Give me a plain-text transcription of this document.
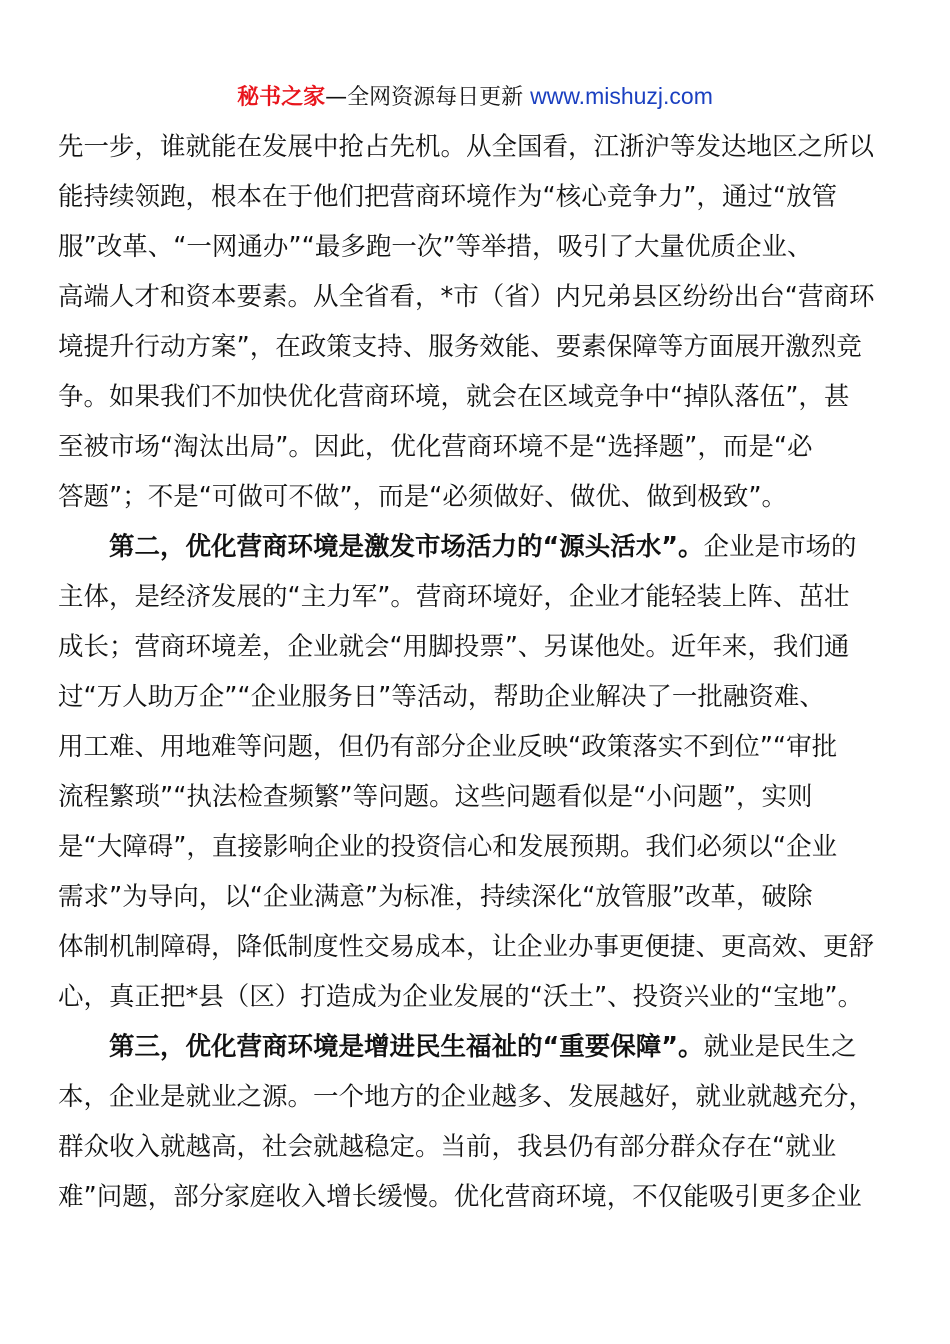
秘书之家—全网资源每日更新 www.mishuzj.com
先一步，谁就能在发展中抢占先机。从全国看，江浙沪等发达地区之所以
能持续领跑，根本在于他们把营商环境作为“核心竞争力”，通过“放管
服”改革、“一网通办”“最多跑一次”等举措，吸引了大量优质企业、
高端人才和资本要素。从全省看，*市（省）内兄弟县区纷纷出台“营商环
境提升行动方案”，在政策支持、服务效能、要素保障等方面展开激烈竞
争。如果我们不加快优化营商环境，就会在区域竞争中“掉队落伍”，甚
至被市场“淘汰出局”。因此，优化营商环境不是“选择题”，而是“必
答题”；不是“可做可不做”，而是“必须做好、做优、做到极致”。
第二，优化营商环境是激发市场活力的“源头活水”。企业是市场的
主体，是经济发展的“主力军”。营商环境好，企业才能轻装上阵、茁壮
成长；营商环境差，企业就会“用脚投票”、另谋他处。近年来，我们通
过“万人助万企”“企业服务日”等活动，帮助企业解决了一批融资难、
用工难、用地难等问题，但仍有部分企业反映“政策落实不到位”“审批
流程繁琐”“执法检查频繁”等问题。这些问题看似是“小问题”，实则
是“大障碍”，直接影响企业的投资信心和发展预期。我们必须以“企业
需求”为导向，以“企业满意”为标准，持续深化“放管服”改革，破除
体制机制障碍，降低制度性交易成本，让企业办事更便捷、更高效、更舒
心，真正把*县（区）打造成为企业发展的“沃土”、投资兴业的“宝地”。
第三，优化营商环境是增进民生福祉的“重要保障”。就业是民生之
本，企业是就业之源。一个地方的企业越多、发展越好，就业就越充分，
群众收入就越高，社会就越稳定。当前，我县仍有部分群众存在“就业
难”问题，部分家庭收入增长缓慢。优化营商环境，不仅能吸引更多企业
